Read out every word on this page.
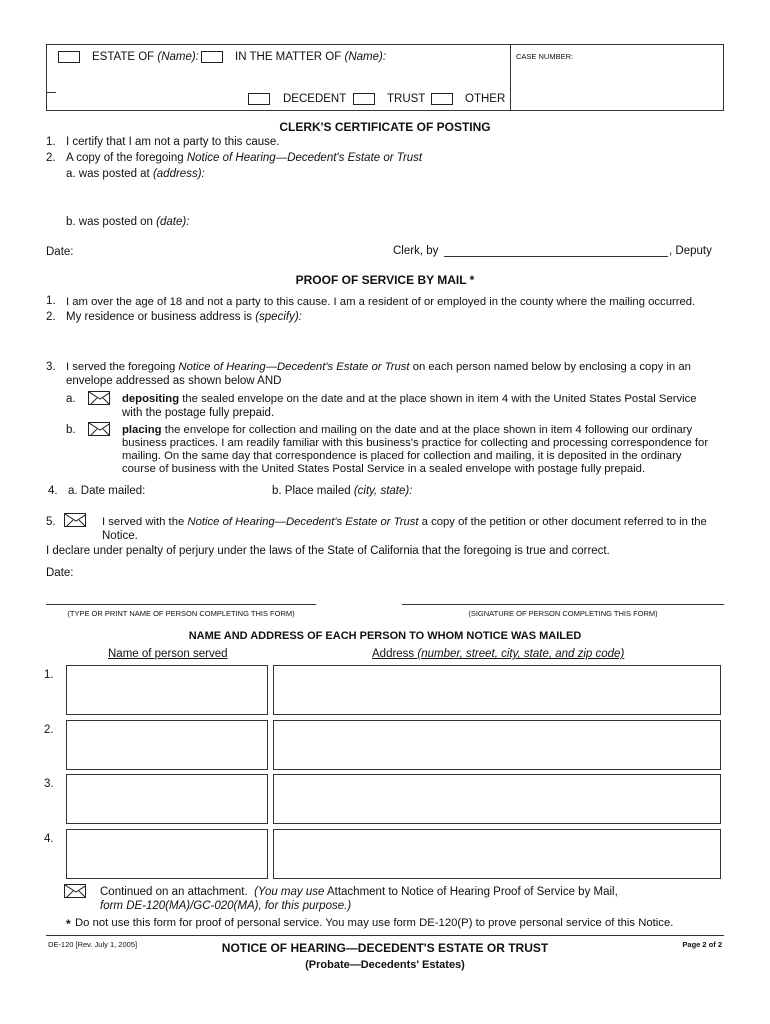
ESTATE OF (Name):	IN THE MATTER OF (Name):	CASE NUMBER:
DECEDENT	TRUST	OTHER
CLERK'S CERTIFICATE OF POSTING
1. I certify that I am not a party to this cause.
2. A copy of the foregoing Notice of Hearing—Decedent's Estate or Trust
a. was posted at (address):
b. was posted on (date):
Date:	Clerk, by	, Deputy
PROOF OF SERVICE BY MAIL *
1. I am over the age of 18 and not a party to this cause. I am a resident of or employed in the county where the mailing occurred.
2. My residence or business address is (specify):
3. I served the foregoing Notice of Hearing—Decedent's Estate or Trust on each person named below by enclosing a copy in an
envelope addressed as shown below AND
a.	depositing the sealed envelope on the date and at the place shown in item 4 with the United States Postal Service
with the postage fully prepaid.
b.	placing the envelope for collection and mailing on the date and at the place shown in item 4 following our ordinary
business practices. I am readily familiar with this business's practice for collecting and processing correspondence for
mailing. On the same day that correspondence is placed for collection and mailing, it is deposited in the ordinary
course of business with the United States Postal Service in a sealed envelope with postage fully prepaid.
4. a. Date mailed:	b. Place mailed (city, state):
5.	I served with the Notice of Hearing—Decedent's Estate or Trust a copy of the petition or other document referred to in the
Notice.
I declare under penalty of perjury under the laws of the State of California that the foregoing is true and correct.
Date:
(TYPE OR PRINT NAME OF PERSON COMPLETING THIS FORM)	(SIGNATURE OF PERSON COMPLETING THIS FORM)
NAME AND ADDRESS OF EACH PERSON TO WHOM NOTICE WAS MAILED
Name of person served	Address (number, street, city, state, and zip code)
1.
2.
3.
4.
Continued on an attachment. (You may use Attachment to Notice of Hearing Proof of Service by Mail,
form DE-120(MA)/GC-020(MA), for this purpose.)
* Do not use this form for proof of personal service. You may use form DE-120(P) to prove personal service of this Notice.
DE-120 [Rev. July 1, 2005]	NOTICE OF HEARING—DECEDENT'S ESTATE OR TRUST
(Probate—Decedents' Estates)
Page 2 of 2
